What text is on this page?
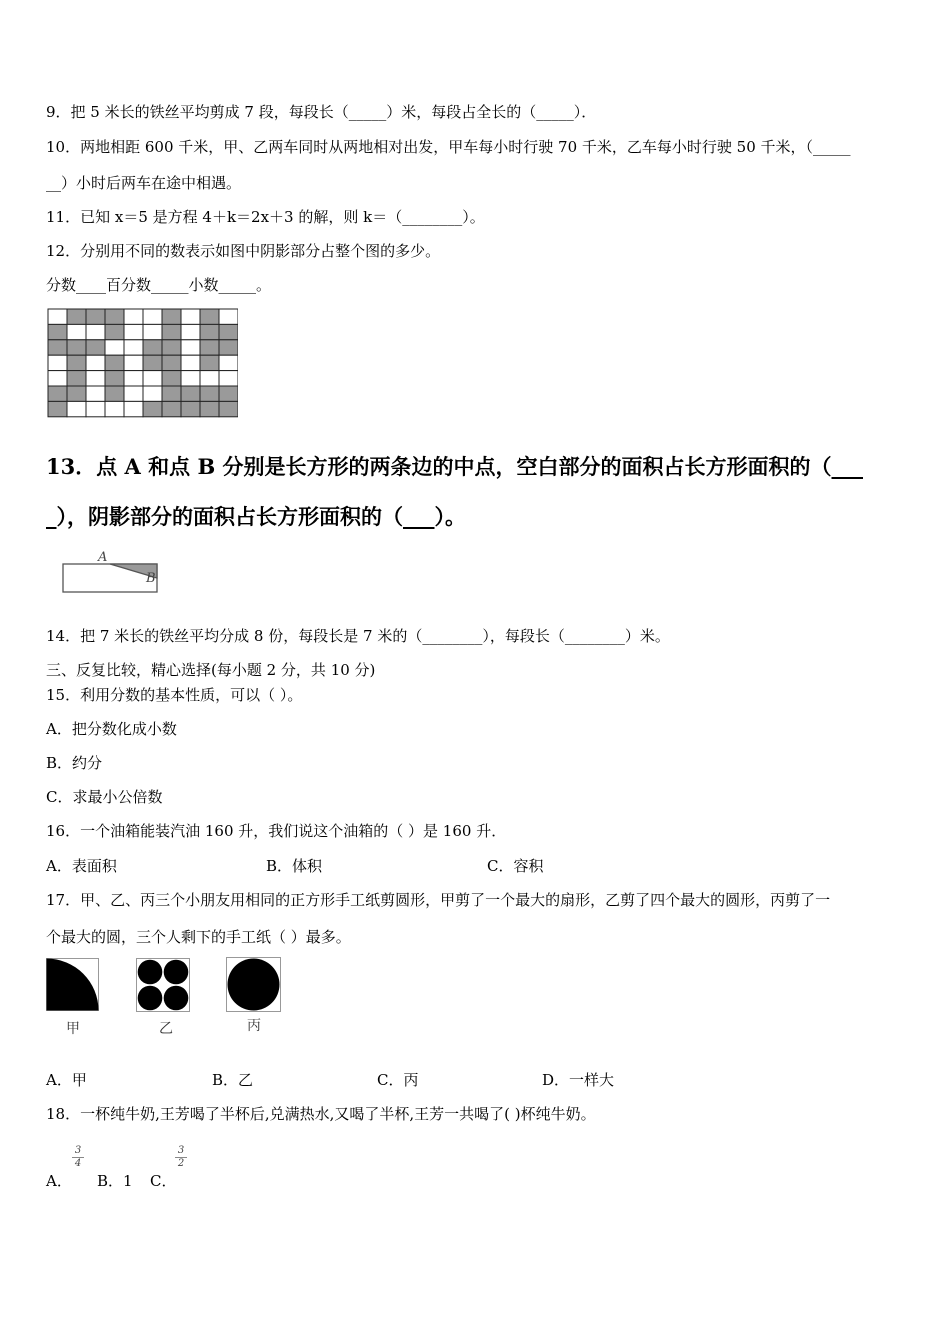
9．把 5 米长的铁丝平均剪成 7 段，每段长（_____）米，每段占全长的（_____）．
10．两地相距 600 千米，甲、乙两车同时从两地相对出发，甲车每小时行驶 70 千米，乙车每小时行驶 50 千米，（_____
__）小时后两车在途中相遇。
11．已知 x＝5 是方程 4＋k＝2x＋3 的解，则 k＝（________）。
12．分别用不同的数表示如图中阴影部分占整个图的多少。
分数____百分数_____小数_____。
13．点 A 和点 B 分别是长方形的两条边的中点，空白部分的面积占长方形面积的（___
_），阴影部分的面积占长方形面积的（___）。
A
B
14．把 7 米长的铁丝平均分成 8 份，每段长是 7 米的（________），每段长（________）米。
三、反复比较，精心选择(每小题 2 分，共 10 分)
15．利用分数的基本性质，可以（ ）。
A．把分数化成小数
B．约分
C．求最小公倍数
16．一个油箱能装汽油 160 升，我们说这个油箱的（ ）是 160 升．
A．表面积	B．体积	C．容积
17．甲、乙、丙三个小朋友用相同的正方形手工纸剪圆形，甲剪了一个最大的扇形，乙剪了四个最大的圆形，丙剪了一
个最大的圆，三个人剩下的手工纸（ ）最多。
甲	乙	丙
A．甲	B．乙	C．丙	D．一样大
18．一杯纯牛奶,王芳喝了半杯后,兑满热水,又喝了半杯,王芳一共喝了( )杯纯牛奶。
A．
3
4
B．1 C．
3
2
